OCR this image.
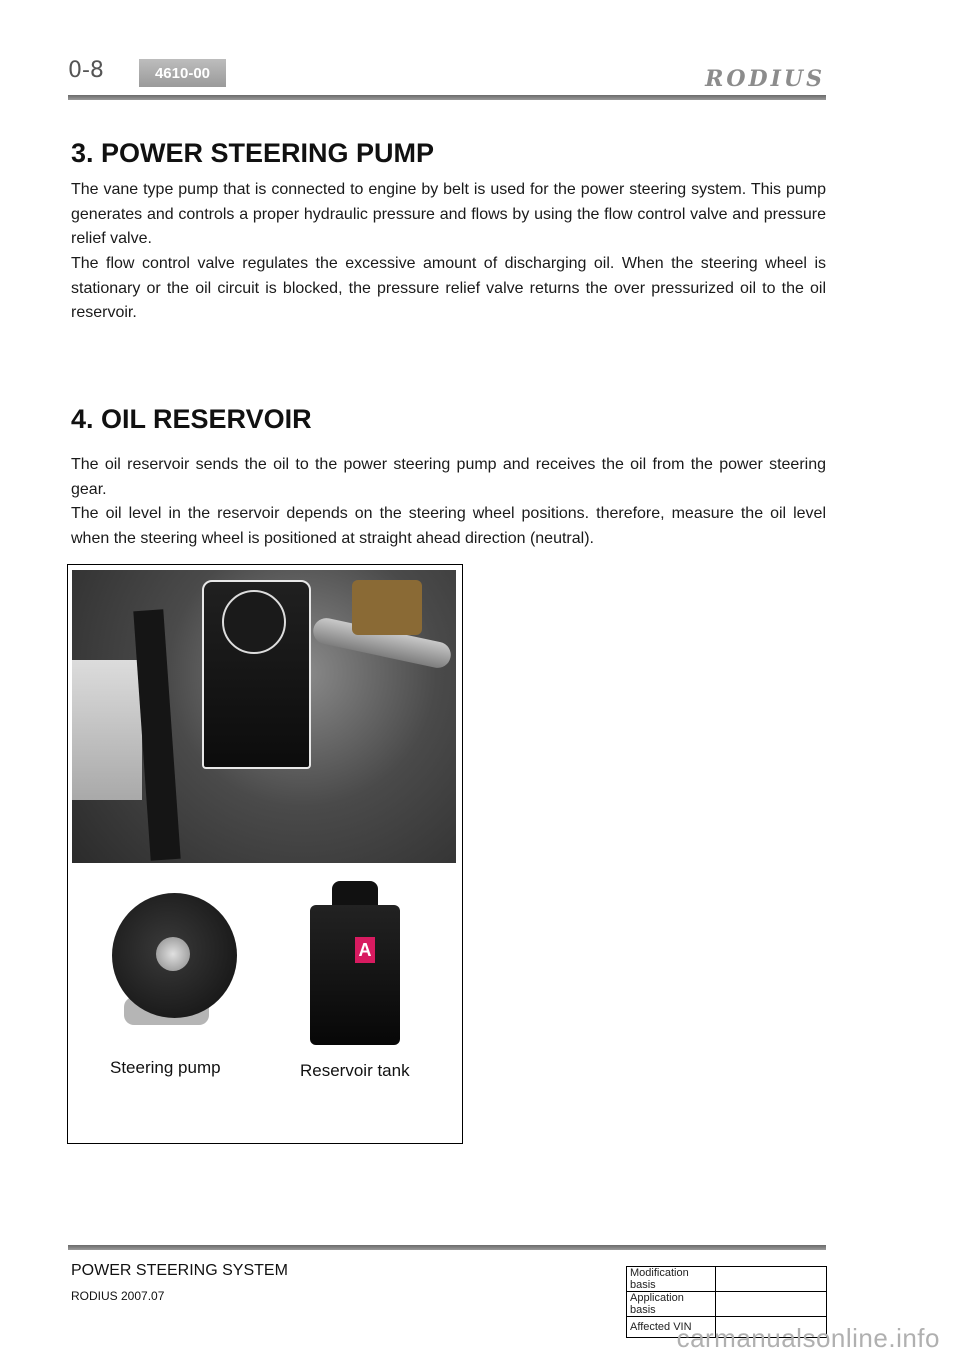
0-8	4610-00	RODIUS
3. POWER STEERING PUMP

The vane type pump that is connected to engine by belt is used for the power steering system. This pump generates and controls a proper hydraulic pressure and flows by using the flow control valve and pressure relief valve.

The flow control valve regulates the excessive amount of discharging oil. When the steering wheel is stationary or the oil circuit is blocked, the pressure relief valve returns the over pressurized oil to the oil reservoir.

4. OIL RESERVOIR

The oil reservoir sends the oil to the power steering pump and receives the oil from the power steering gear.

The oil level in the reservoir depends on the steering wheel positions. therefore, measure the oil level when the steering wheel is positioned at straight ahead direction (neutral).

A
Steering pump	Reservoir tank
POWER STEERING SYSTEM
RODIUS 2007.07
Modification basis	
Application basis	
Affected VIN	
carmanualsonline.info
